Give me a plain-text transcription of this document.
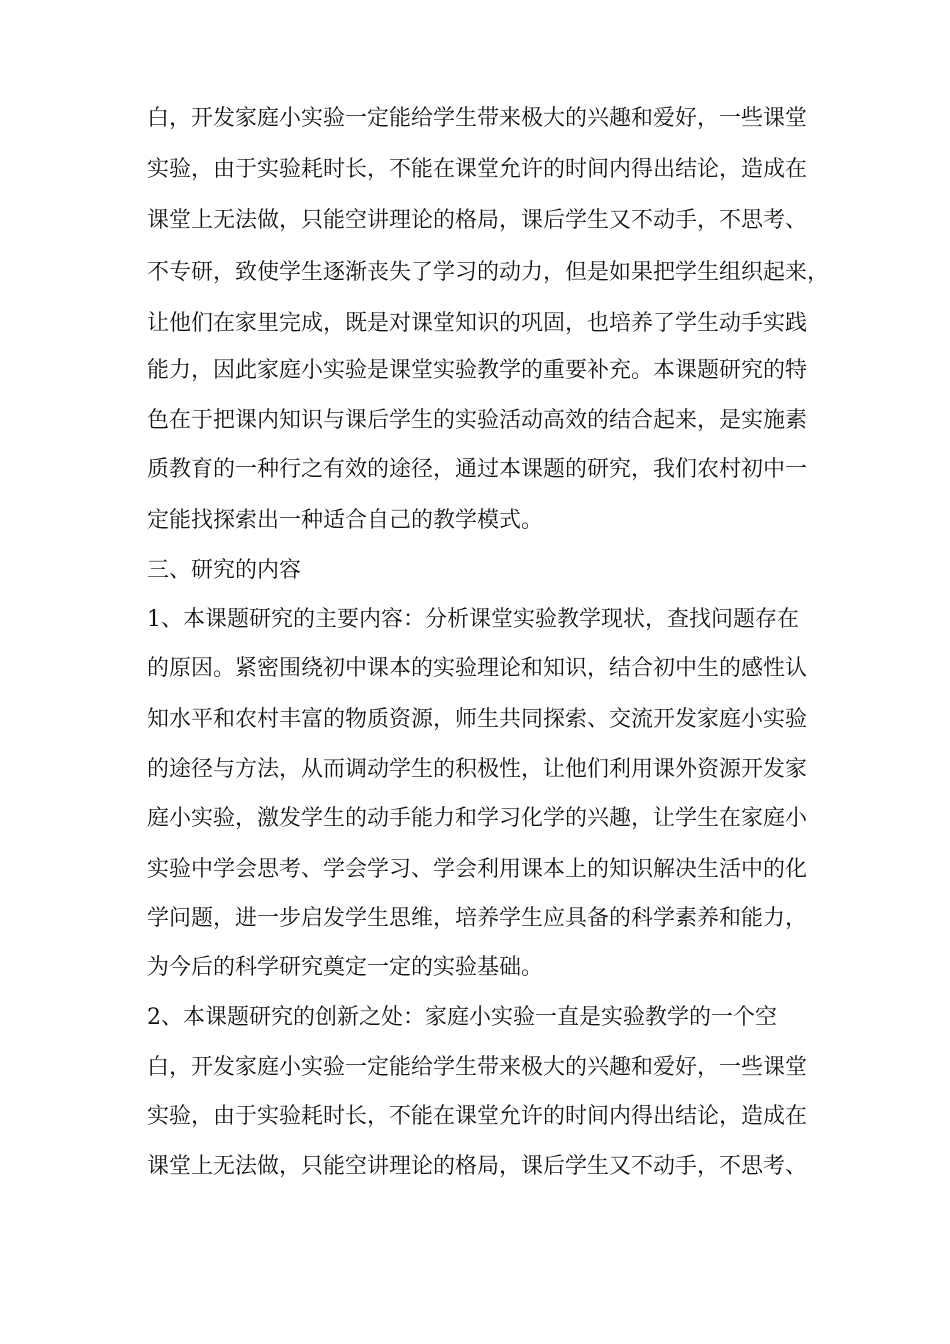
白，开发家庭小实验一定能给学生带来极大的兴趣和爱好，一些课堂
实验，由于实验耗时长，不能在课堂允许的时间内得出结论，造成在
课堂上无法做，只能空讲理论的格局，课后学生又不动手，不思考、
不专研，致使学生逐渐丧失了学习的动力，但是如果把学生组织起来，
让他们在家里完成，既是对课堂知识的巩固，也培养了学生动手实践
能力，因此家庭小实验是课堂实验教学的重要补充。本课题研究的特
色在于把课内知识与课后学生的实验活动高效的结合起来，是实施素
质教育的一种行之有效的途径，通过本课题的研究，我们农村初中一
定能找探索出一种适合自己的教学模式。
三、研究的内容
1、本课题研究的主要内容：分析课堂实验教学现状，查找问题存在
的原因。紧密围绕初中课本的实验理论和知识，结合初中生的感性认
知水平和农村丰富的物质资源，师生共同探索、交流开发家庭小实验
的途径与方法，从而调动学生的积极性，让他们利用课外资源开发家
庭小实验，激发学生的动手能力和学习化学的兴趣，让学生在家庭小
实验中学会思考、学会学习、学会利用课本上的知识解决生活中的化
学问题，进一步启发学生思维，培养学生应具备的科学素养和能力，
为今后的科学研究奠定一定的实验基础。
2、本课题研究的创新之处：家庭小实验一直是实验教学的一个空
白，开发家庭小实验一定能给学生带来极大的兴趣和爱好，一些课堂
实验，由于实验耗时长，不能在课堂允许的时间内得出结论，造成在
课堂上无法做，只能空讲理论的格局，课后学生又不动手，不思考、
